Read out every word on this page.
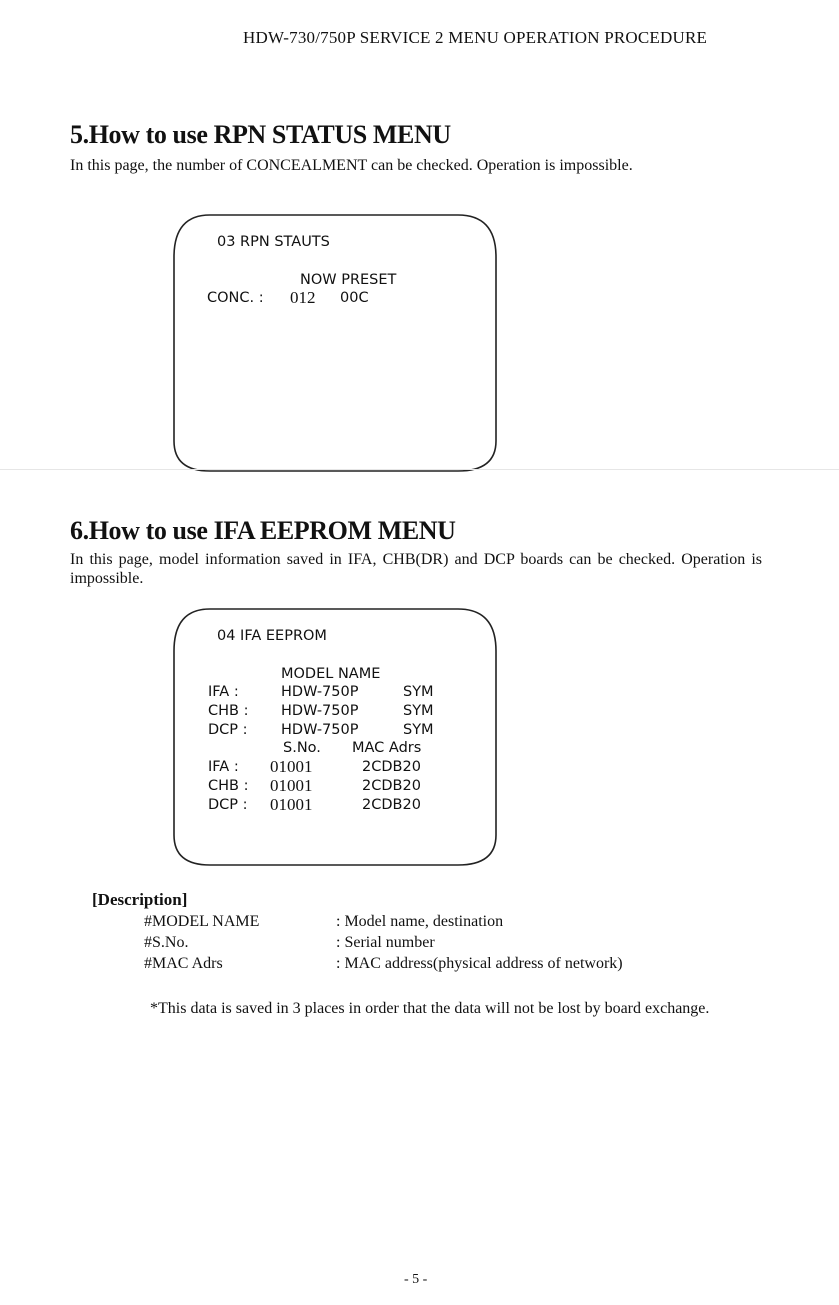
HDW-730/750P SERVICE 2 MENU OPERATION PROCEDURE
5.How to use RPN STATUS MENU
In this page, the number of CONCEALMENT can be checked. Operation is impossible.
03 RPN STAUTS
NOW PRESET
CONC. : 012 00C
6.How to use IFA EEPROM MENU
In this page, model information saved in IFA, CHB(DR) and DCP boards can be checked. Operation is impossible.
04 IFA EEPROM
MODEL NAME
IFA :	HDW-750P	SYM
CHB : HDW-750P	SYM
DCP : HDW-750P	SYM
S.No. MAC Adrs
IFA : 01001	2CDB20
CHB : 01001	2CDB20
DCP : 01001	2CDB20
[Description]
#MODEL NAME	: Model name, destination
#S.No.	: Serial number
#MAC Adrs	: MAC address(physical address of network)
*This data is saved in 3 places in order that the data will not be lost by board exchange.
- 5 -
